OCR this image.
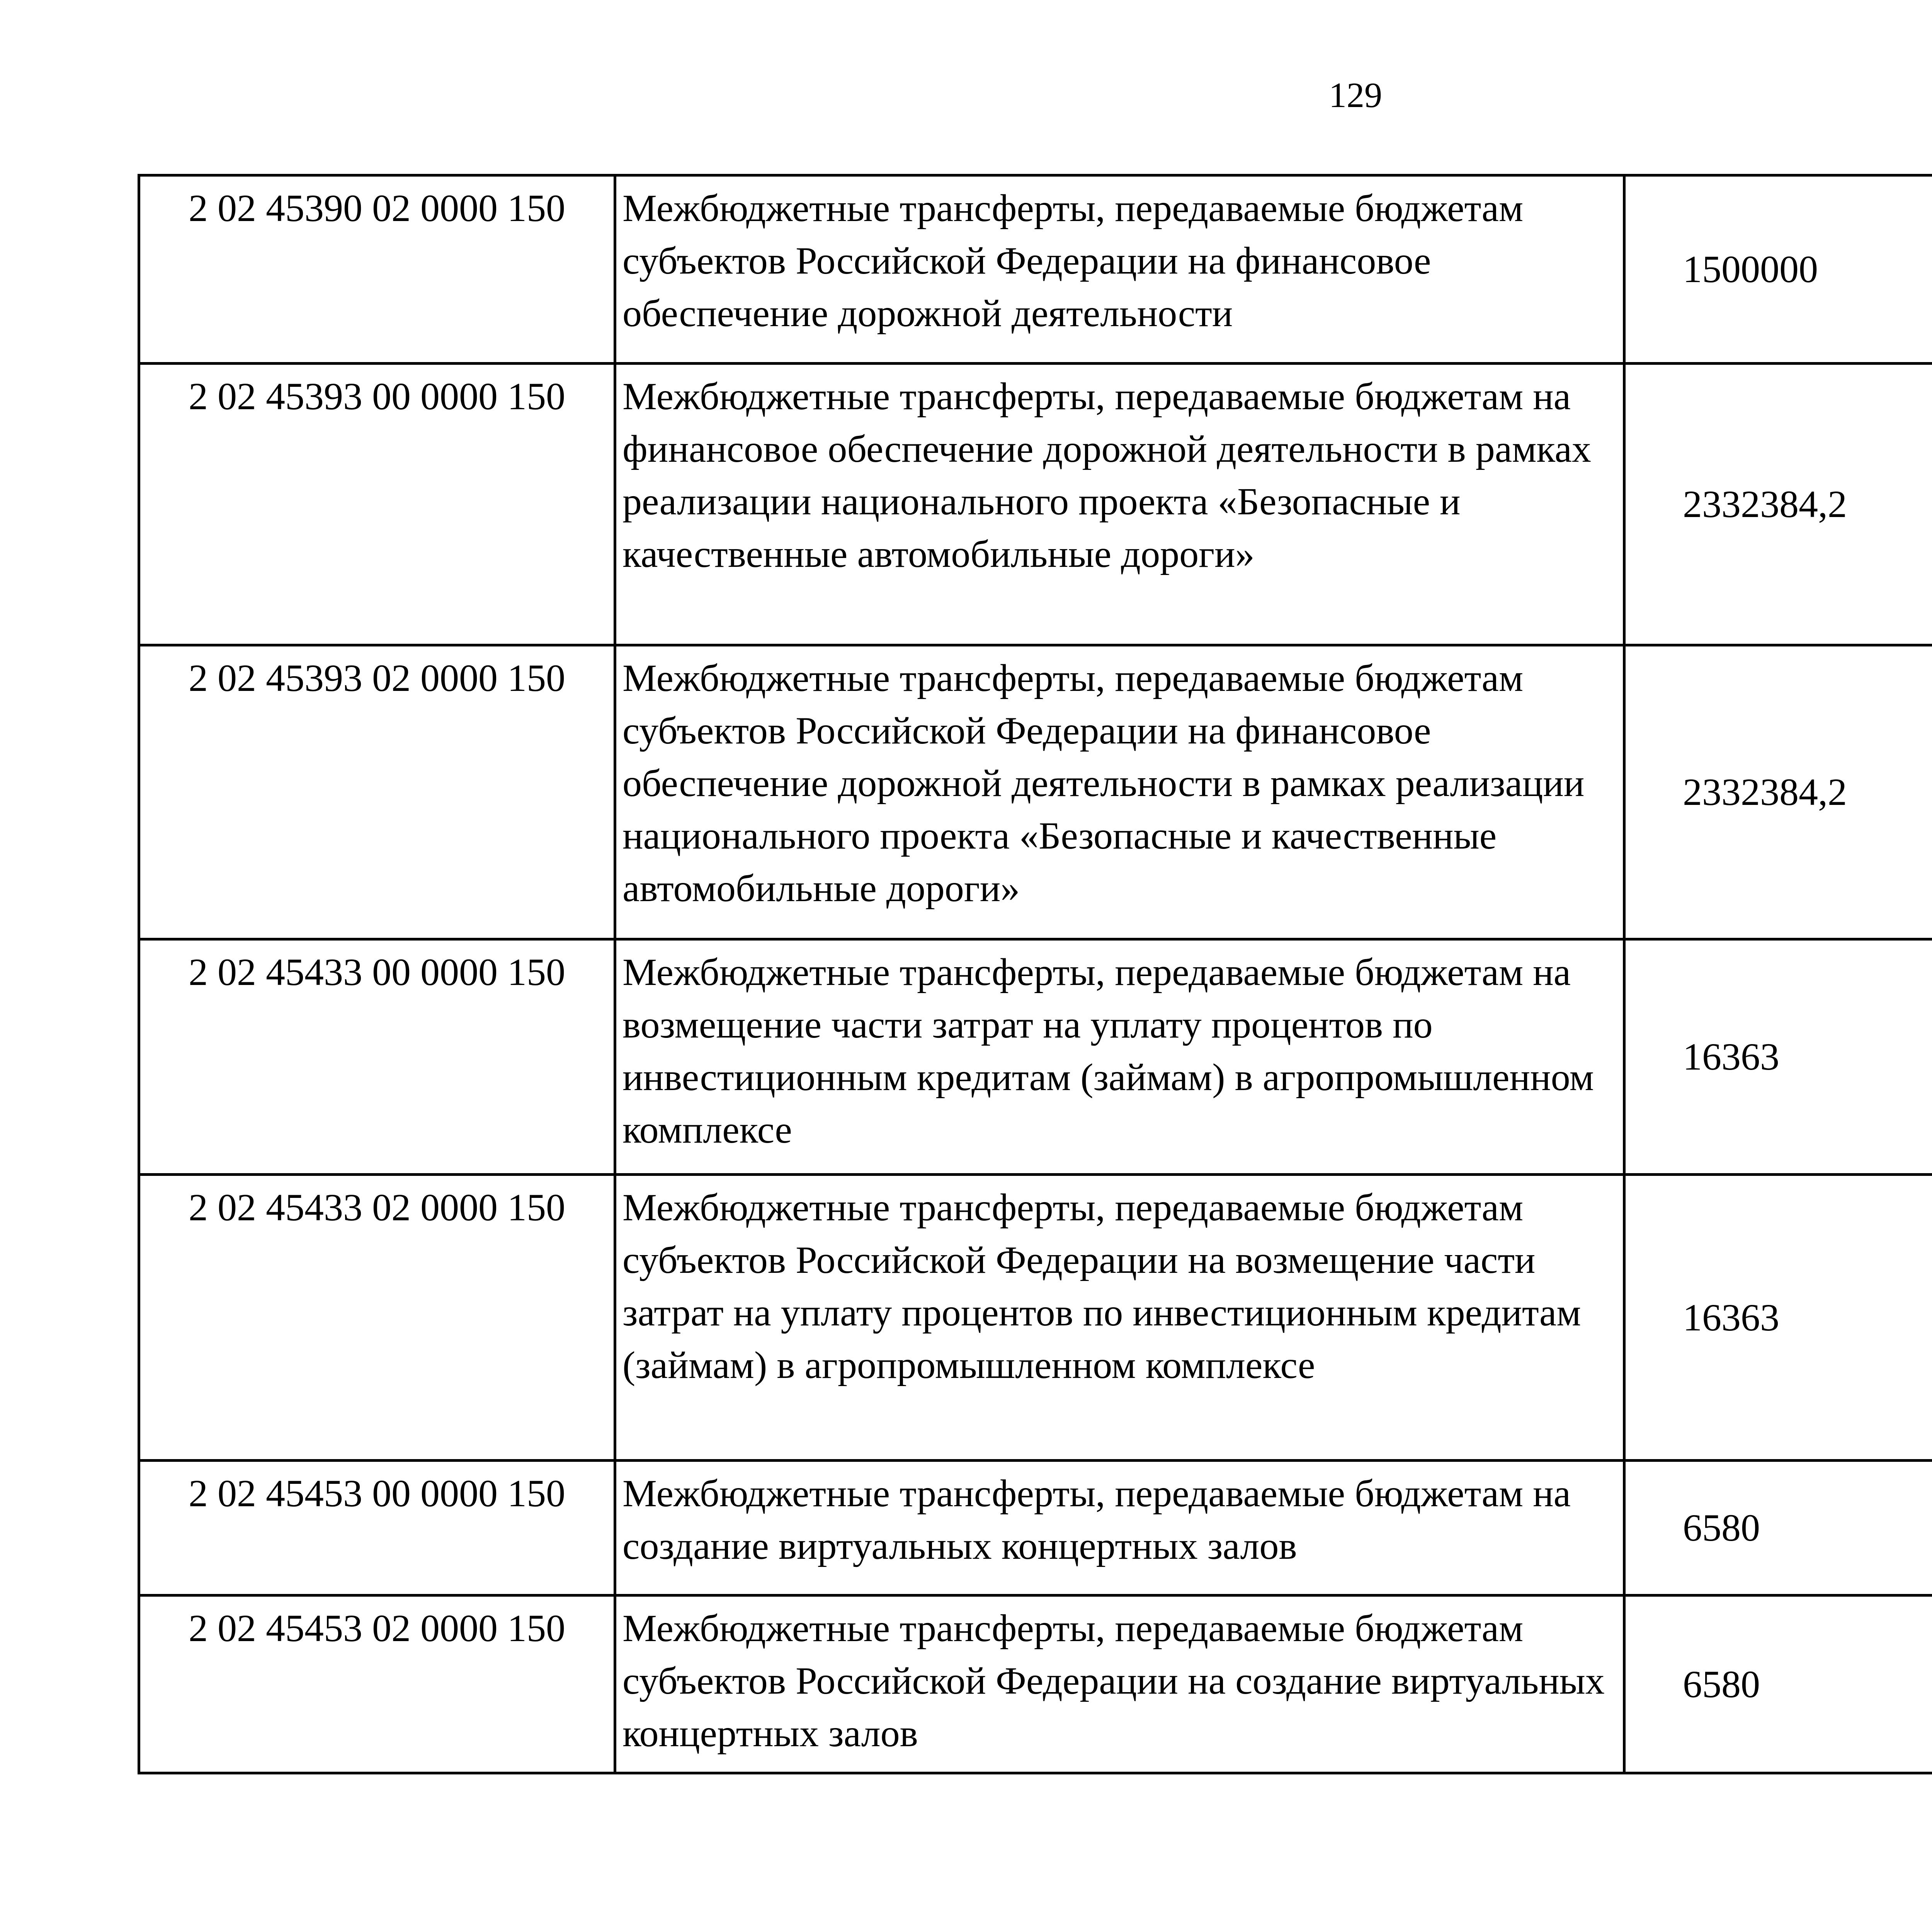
129
2 02 45390 02 0000 150	Межбюджетные трансферты, передаваемые бюджетам субъектов Российской Федерации на финансовое обеспечение дорожной деятельности	1500000		
2 02 45393 00 0000 150	Межбюджетные трансферты, передаваемые бюджетам на финансовое обеспечение дорожной деятельности в рамках реализации национального проекта «Безопасные и качественные автомобильные дороги»	2332384,2		
2 02 45393 02 0000 150	Межбюджетные трансферты, передаваемые бюджетам субъектов Российской Федерации на финансовое обеспечение дорожной деятельности в рамках реализации национального проекта «Безопасные и качественные автомобильные дороги»	2332384,2		
2 02 45433 00 0000 150	Межбюджетные трансферты, передаваемые бюджетам на возмещение части затрат на уплату процентов по инвестиционным кредитам (займам) в агропромышленном комплексе	16363		
2 02 45433 02 0000 150	Межбюджетные трансферты, передаваемые бюджетам субъектов Российской Федерации на возмещение части затрат на уплату процентов по инвестиционным кредитам (займам) в агропромышленном комплексе	16363		
2 02 45453 00 0000 150	Межбюджетные трансферты, передаваемые бюджетам на создание виртуальных концертных залов	6580		
2 02 45453 02 0000 150	Межбюджетные трансферты, передаваемые бюджетам субъектов Российской Федерации на создание виртуальных концертных залов	6580		
